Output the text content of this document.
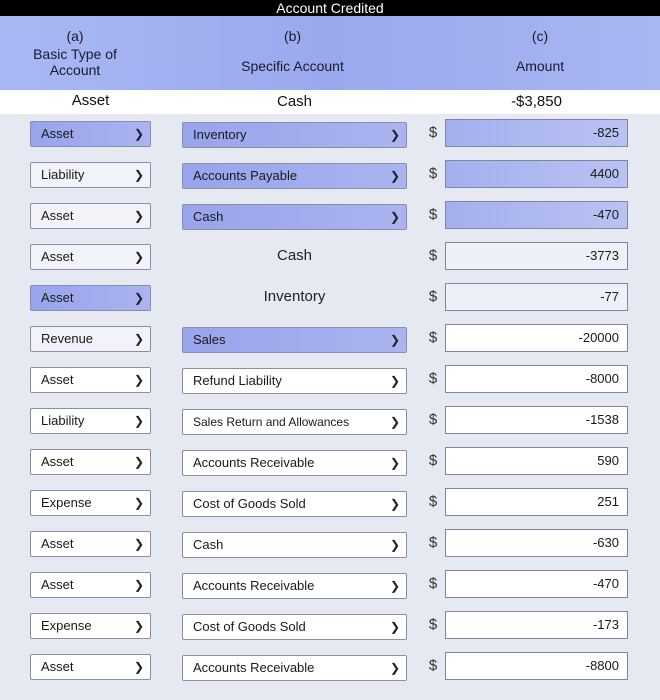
Account Credited
(a)
Basic Type of Account
(b)
Specific Account
(c)
Amount
Asset	Cash	-$3,850
Asset	❯	Inventory	❯ $	-825
Liability	❯	Accounts Payable	❯ $	4400
Asset	❯	Cash	❯ $	-470
Asset	❯	Cash	$	-3773
Asset	❯	Inventory	$	-77
Revenue	❯	Sales	❯ $	-20000
Asset	❯	Refund Liability	❯ $	-8000
Liability	❯	Sales Return and Allowances	❯ $	-1538
Asset	❯	Accounts Receivable	❯ $	590
Expense	❯	Cost of Goods Sold	❯ $	251
Asset	❯	Cash	❯ $	-630
Asset	❯	Accounts Receivable	❯ $	-470
Expense	❯	Cost of Goods Sold	❯ $	-173
Asset	❯	Accounts Receivable	❯ $	-8800
